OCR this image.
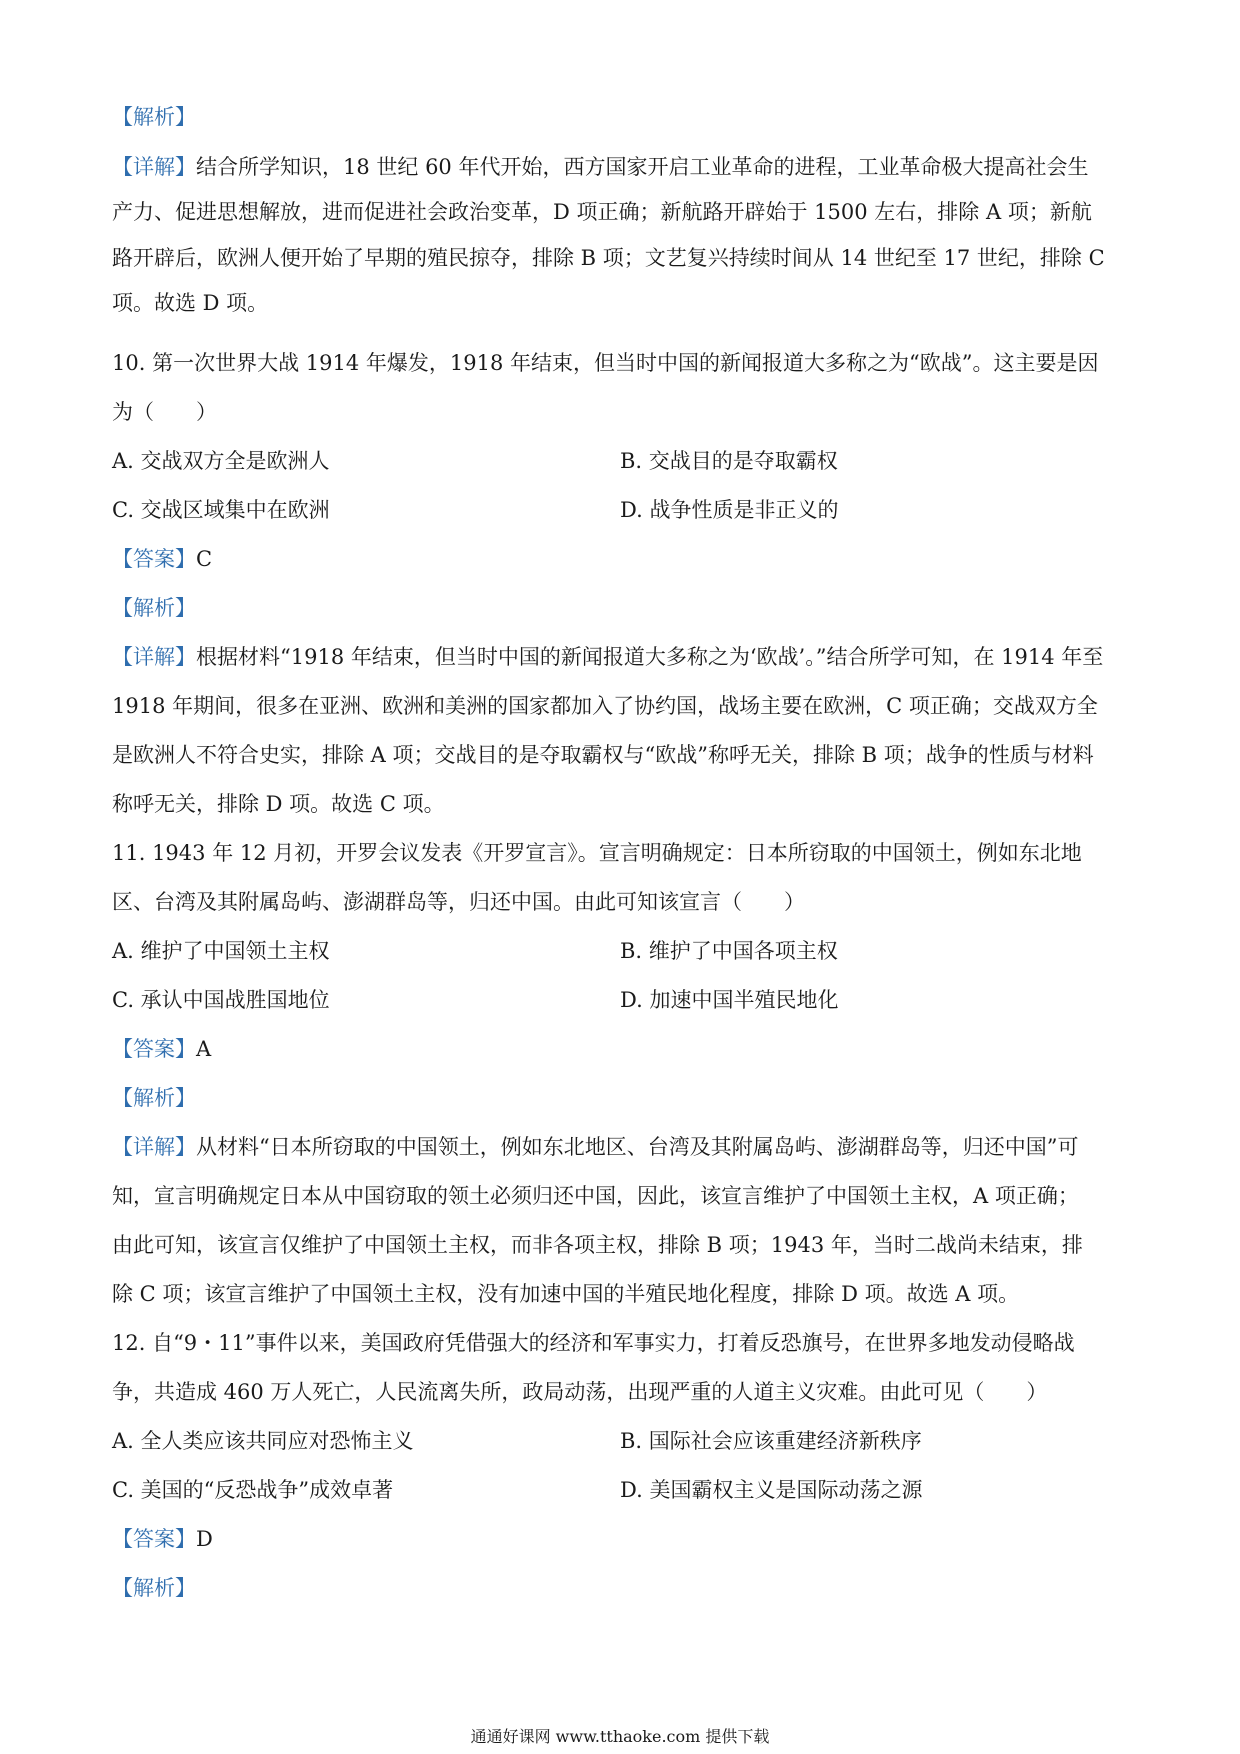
【解析】
【详解】结合所学知识，18 世纪 60 年代开始，西方国家开启工业革命的进程，工业革命极大提高社会生
产力、促进思想解放，进而促进社会政治变革，D 项正确；新航路开辟始于 1500 左右，排除 A 项；新航
路开辟后，欧洲人便开始了早期的殖民掠夺，排除 B 项；文艺复兴持续时间从 14 世纪至 17 世纪，排除 C
项。故选 D 项。
10. 第一次世界大战 1914 年爆发，1918 年结束，但当时中国的新闻报道大多称之为“欧战”。这主要是因
为（　　）
A. 交战双方全是欧洲人	B. 交战目的是夺取霸权
C. 交战区域集中在欧洲	D. 战争性质是非正义的
【答案】C
【解析】
【详解】根据材料“1918 年结束，但当时中国的新闻报道大多称之为‘欧战’。”结合所学可知，在 1914 年至
1918 年期间，很多在亚洲、欧洲和美洲的国家都加入了协约国，战场主要在欧洲，C 项正确；交战双方全
是欧洲人不符合史实，排除 A 项；交战目的是夺取霸权与“欧战”称呼无关，排除 B 项；战争的性质与材料
称呼无关，排除 D 项。故选 C 项。
11. 1943 年 12 月初，开罗会议发表《开罗宣言》。宣言明确规定：日本所窃取的中国领土，例如东北地
区、台湾及其附属岛屿、澎湖群岛等，归还中国。由此可知该宣言（　　）
A. 维护了中国领土主权	B. 维护了中国各项主权
C. 承认中国战胜国地位	D. 加速中国半殖民地化
【答案】A
【解析】
【详解】从材料“日本所窃取的中国领土，例如东北地区、台湾及其附属岛屿、澎湖群岛等，归还中国”可
知，宣言明确规定日本从中国窃取的领土必须归还中国，因此，该宣言维护了中国领土主权，A 项正确；
由此可知，该宣言仅维护了中国领土主权，而非各项主权，排除 B 项；1943 年，当时二战尚未结束，排
除 C 项；该宣言维护了中国领土主权，没有加速中国的半殖民地化程度，排除 D 项。故选 A 项。
12. 自“9・11”事件以来，美国政府凭借强大的经济和军事实力，打着反恐旗号，在世界多地发动侵略战
争，共造成 460 万人死亡，人民流离失所，政局动荡，出现严重的人道主义灾难。由此可见（　　）
A. 全人类应该共同应对恐怖主义	B. 国际社会应该重建经济新秩序
C. 美国的“反恐战争”成效卓著	D. 美国霸权主义是国际动荡之源
【答案】D
【解析】
通通好课网 www.tthaoke.com 提供下载
